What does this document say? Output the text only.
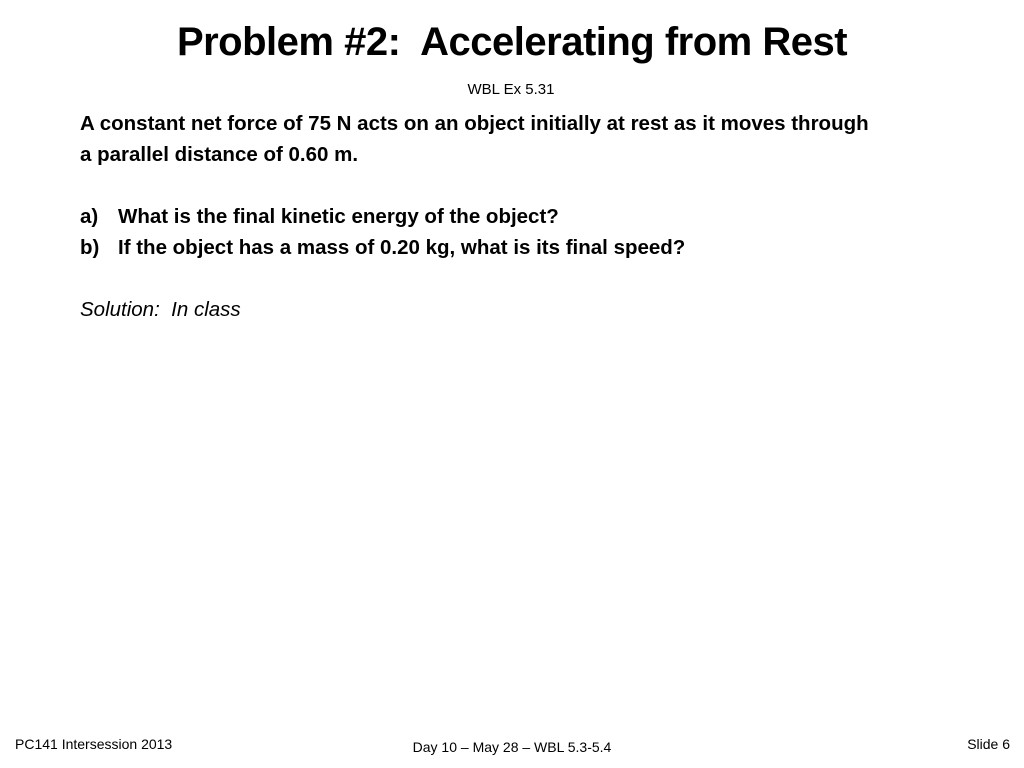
Problem #2:  Accelerating from Rest
WBL Ex 5.31

A constant net force of 75 N acts on an object initially at rest as it moves through
a parallel distance of 0.60 m.

a) What is the final kinetic energy of the object?
b) If the object has a mass of 0.20 kg, what is its final speed?

Solution:  In class

PC141 Intersession 2013	Day 10 – May 28 – WBL 5.3-5.4	Slide 6
